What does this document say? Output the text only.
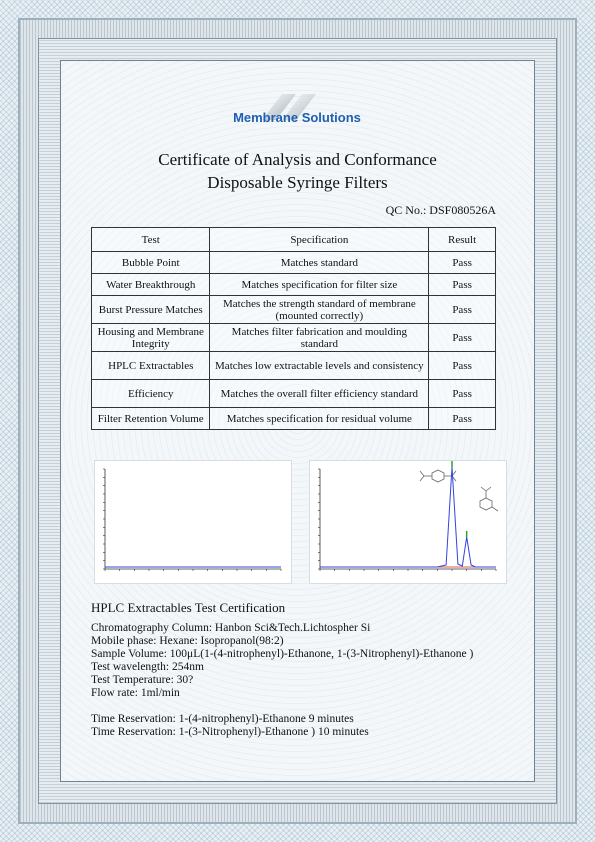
Membrane Solutions
Certificate of Analysis and Conformance
Disposable Syringe Filters
QC No.: DSF080526A
Test	Specification	Result
Bubble Point	Matches standard	Pass
Water Breakthrough	Matches specification for filter size	Pass
Burst Pressure Matches	Matches the strength standard of membrane (mounted correctly)	Pass
Housing and Membrane Integrity	Matches filter fabrication and moulding standard	Pass
HPLC Extractables	Matches low extractable levels and consistency	Pass
Efficiency	Matches the overall filter efficiency standard	Pass
Filter Retention Volume	Matches specification for residual volume	Pass
HPLC Extractables Test Certification
Chromatography Column: Hanbon Sci&Tech.Lichtospher Si
Mobile phase: Hexane: Isopropanol(98:2)
Sample Volume: 100μL(1-(4-nitrophenyl)-Ethanone, 1-(3-Nitrophenyl)-Ethanone )
Test wavelength: 254nm
Test Temperature: 30?
Flow rate: 1ml/min
Time Reservation: 1-(4-nitrophenyl)-Ethanone 9 minutes
Time Reservation: 1-(3-Nitrophenyl)-Ethanone ) 10 minutes
